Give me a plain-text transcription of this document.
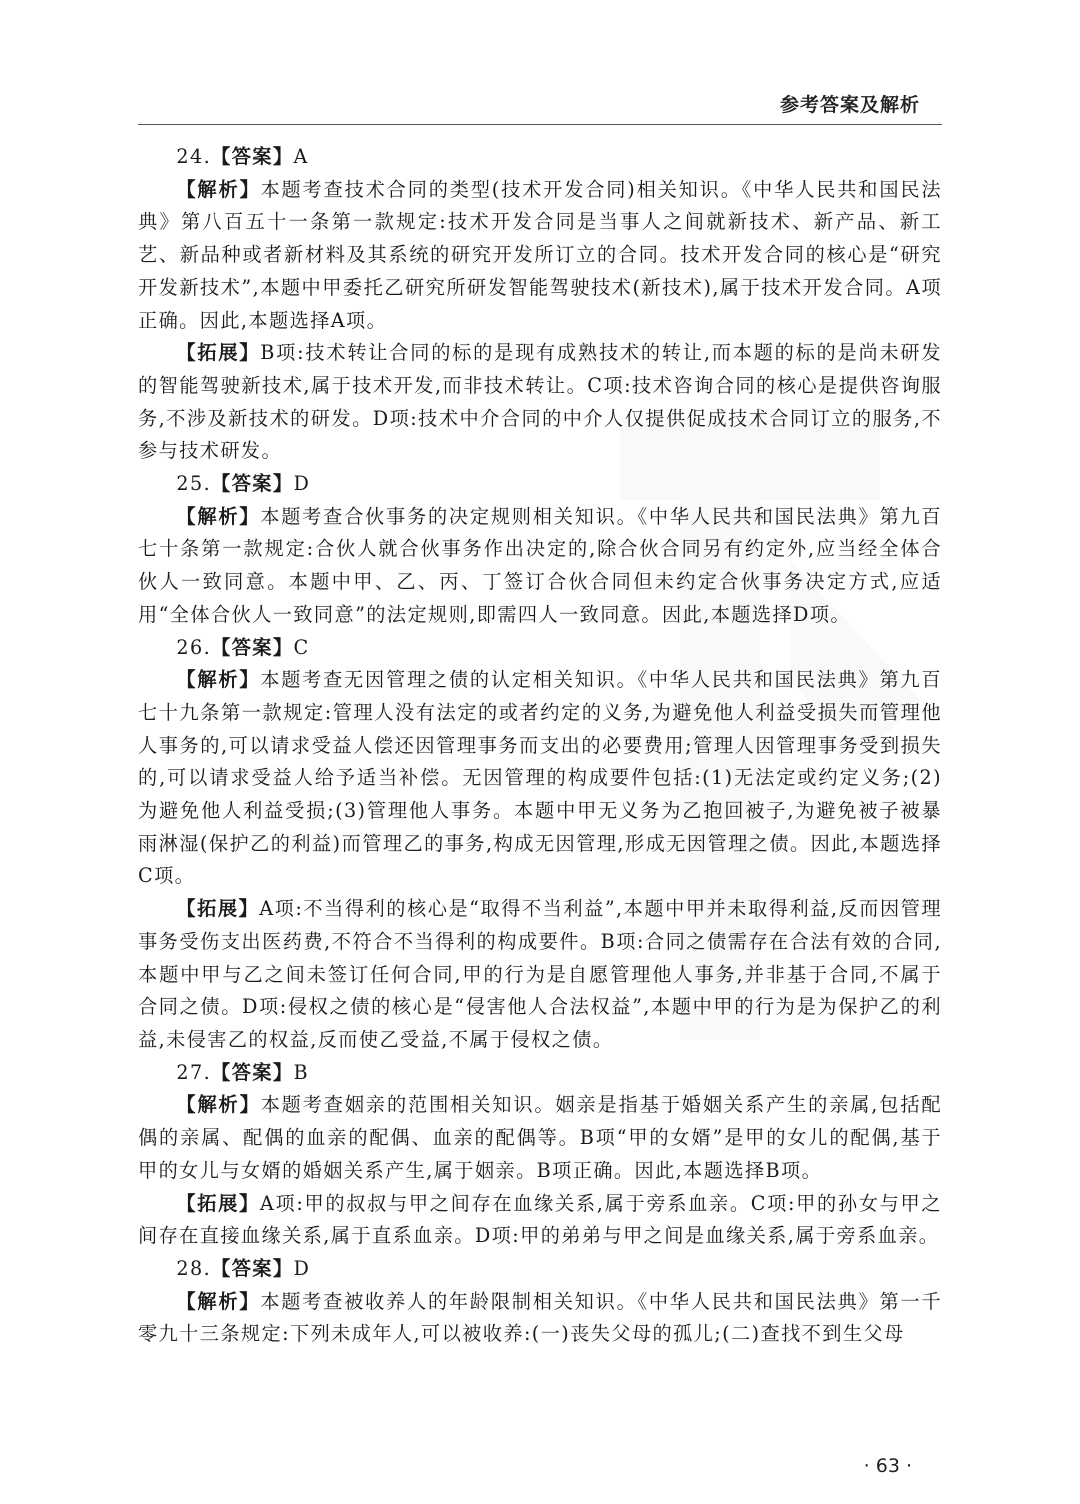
参考答案及解析

24.【答案】A

【解析】本题考查技术合同的类型(技术开发合同)相关知识。《中华人民共和国民法典》第八百五十一条第一款规定:技术开发合同是当事人之间就新技术、新产品、新工艺、新品种或者新材料及其系统的研究开发所订立的合同。技术开发合同的核心是“研究开发新技术”,本题中甲委托乙研究所研发智能驾驶技术(新技术),属于技术开发合同。A项正确。因此,本题选择A项。

【拓展】B项:技术转让合同的标的是现有成熟技术的转让,而本题的标的是尚未研发的智能驾驶新技术,属于技术开发,而非技术转让。C项:技术咨询合同的核心是提供咨询服务,不涉及新技术的研发。D项:技术中介合同的中介人仅提供促成技术合同订立的服务,不参与技术研发。

25.【答案】D

【解析】本题考查合伙事务的决定规则相关知识。《中华人民共和国民法典》第九百七十条第一款规定:合伙人就合伙事务作出决定的,除合伙合同另有约定外,应当经全体合伙人一致同意。本题中甲、乙、丙、丁签订合伙合同但未约定合伙事务决定方式,应适用“全体合伙人一致同意”的法定规则,即需四人一致同意。因此,本题选择D项。

26.【答案】C

【解析】本题考查无因管理之债的认定相关知识。《中华人民共和国民法典》第九百七十九条第一款规定:管理人没有法定的或者约定的义务,为避免他人利益受损失而管理他人事务的,可以请求受益人偿还因管理事务而支出的必要费用;管理人因管理事务受到损失的,可以请求受益人给予适当补偿。无因管理的构成要件包括:(1)无法定或约定义务;(2)为避免他人利益受损;(3)管理他人事务。本题中甲无义务为乙抱回被子,为避免被子被暴雨淋湿(保护乙的利益)而管理乙的事务,构成无因管理,形成无因管理之债。因此,本题选择C项。

【拓展】A项:不当得利的核心是“取得不当利益”,本题中甲并未取得利益,反而因管理事务受伤支出医药费,不符合不当得利的构成要件。B项:合同之债需存在合法有效的合同,本题中甲与乙之间未签订任何合同,甲的行为是自愿管理他人事务,并非基于合同,不属于合同之债。D项:侵权之债的核心是“侵害他人合法权益”,本题中甲的行为是为保护乙的利益,未侵害乙的权益,反而使乙受益,不属于侵权之债。

27.【答案】B

【解析】本题考查姻亲的范围相关知识。姻亲是指基于婚姻关系产生的亲属,包括配偶的亲属、配偶的血亲的配偶、血亲的配偶等。B项“甲的女婿”是甲的女儿的配偶,基于甲的女儿与女婿的婚姻关系产生,属于姻亲。B项正确。因此,本题选择B项。

【拓展】A项:甲的叔叔与甲之间存在血缘关系,属于旁系血亲。C项:甲的孙女与甲之间存在直接血缘关系,属于直系血亲。D项:甲的弟弟与甲之间是血缘关系,属于旁系血亲。

28.【答案】D

【解析】本题考查被收养人的年龄限制相关知识。《中华人民共和国民法典》第一千零九十三条规定:下列未成年人,可以被收养:(一)丧失父母的孤儿;(二)查找不到生父母

· 63 ·
